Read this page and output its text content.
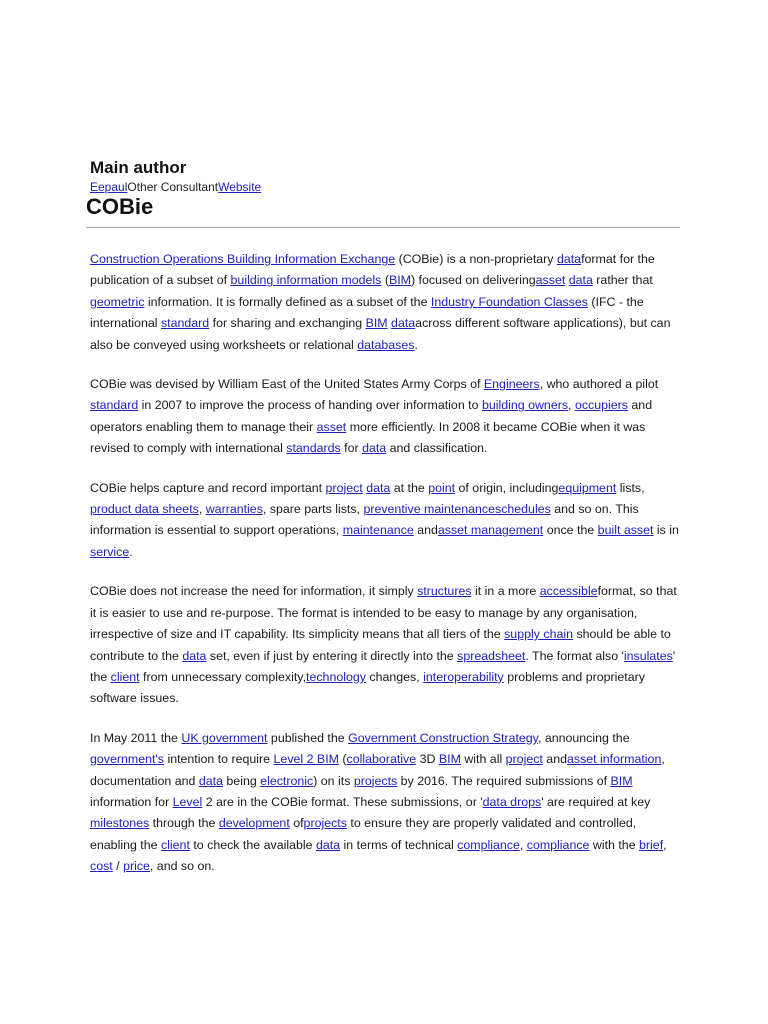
Main author
EepaulOther ConsultantWebsite
COBie

Construction Operations Building Information Exchange (COBie) is a non-proprietary dataformat for the publication of a subset of building information models (BIM) focused on deliveringasset data rather that geometric information. It is formally defined as a subset of the Industry Foundation Classes (IFC - the international standard for sharing and exchanging BIM dataacross different software applications), but can also be conveyed using worksheets or relational databases.

COBie was devised by William East of the United States Army Corps of Engineers, who authored a pilot standard in 2007 to improve the process of handing over information to building owners, occupiers and operators enabling them to manage their asset more efficiently. In 2008 it became COBie when it was revised to comply with international standards for data and classification.

COBie helps capture and record important project data at the point of origin, includingequipment lists, product data sheets, warranties, spare parts lists, preventive maintenanceschedules and so on. This information is essential to support operations, maintenance andasset management once the built asset is in service.

COBie does not increase the need for information, it simply structures it in a more accessibleformat, so that it is easier to use and re-purpose. The format is intended to be easy to manage by any organisation, irrespective of size and IT capability. Its simplicity means that all tiers of the supply chain should be able to contribute to the data set, even if just by entering it directly into the spreadsheet. The format also 'insulates' the client from unnecessary complexity,technology changes, interoperability problems and proprietary software issues.

In May 2011 the UK government published the Government Construction Strategy, announcing the government's intention to require Level 2 BIM (collaborative 3D BIM with all project andasset information, documentation and data being electronic) on its projects by 2016. The required submissions of BIM information for Level 2 are in the COBie format. These submissions, or 'data drops' are required at key milestones through the development ofprojects to ensure they are properly validated and controlled, enabling the client to check the available data in terms of technical compliance, compliance with the brief, cost / price, and so on.
